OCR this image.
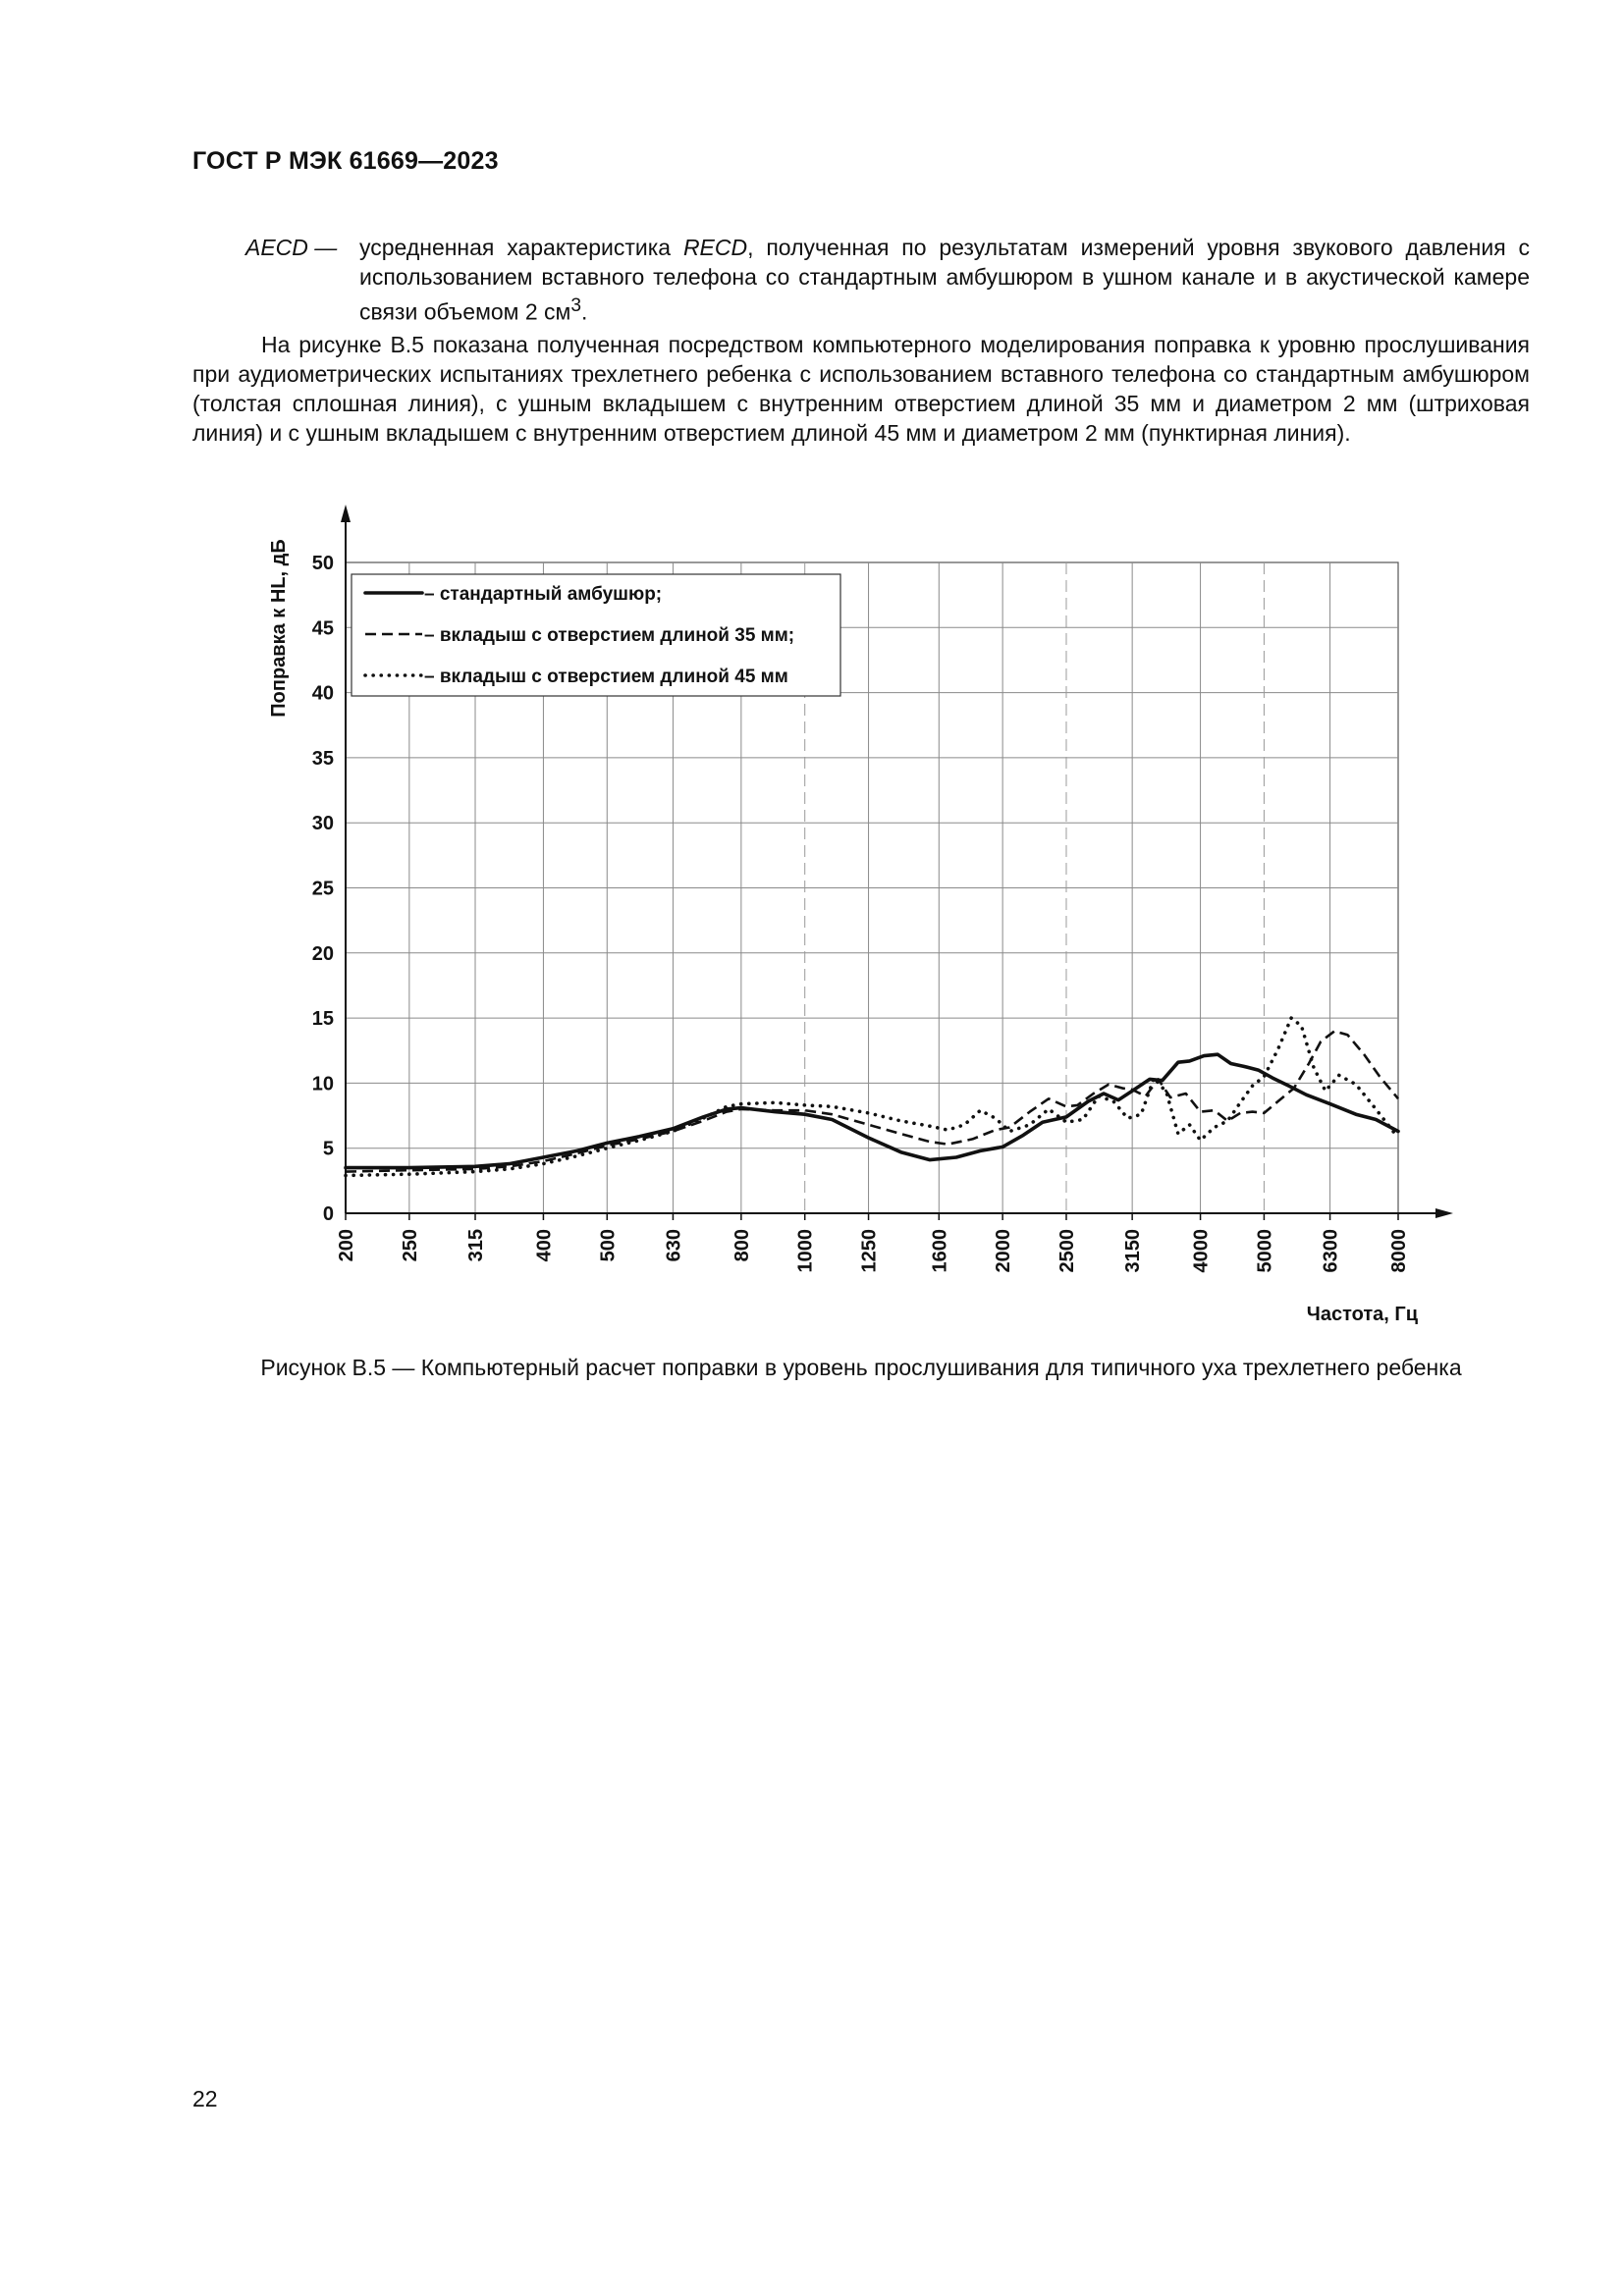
ГОСТ Р МЭК 61669—2023
AECD — усредненная характеристика RECD, полученная по результатам измерений уровня звукового давления с использованием вставного телефона со стандартным амбушюром в ушном канале и в акустической камере связи объемом 2 $см^3$.
На рисунке В.5 показана полученная посредством компьютерного моделирования поправка к уровню прослушивания при аудиометрических испытаниях трехлетнего ребенка с использованием вставного телефона со стандартным амбушюром (толстая сплошная линия), с ушным вкладышем с внутренним отверстием длиной 35 мм и диаметром 2 мм (штриховая линия) и с ушным вкладышем с внутренним отверстием длиной 45 мм и диаметром 2 мм (пунктирная линия).
0
5
10
15
20
25
30
35
40
45
50
200 250 315 400 500 630 800 1000 1250 1600 2000 2500 3150 4000 5000 6300 8000
Поправка к HL, дБ
Частота, Гц
– стандартный амбушюр;
– вкладыш с отверстием длиной 35 мм;
– вкладыш с отверстием длиной 45 мм
Рисунок В.5 — Компьютерный расчет поправки в уровень прослушивания для типичного уха трехлетнего ребенка
22
